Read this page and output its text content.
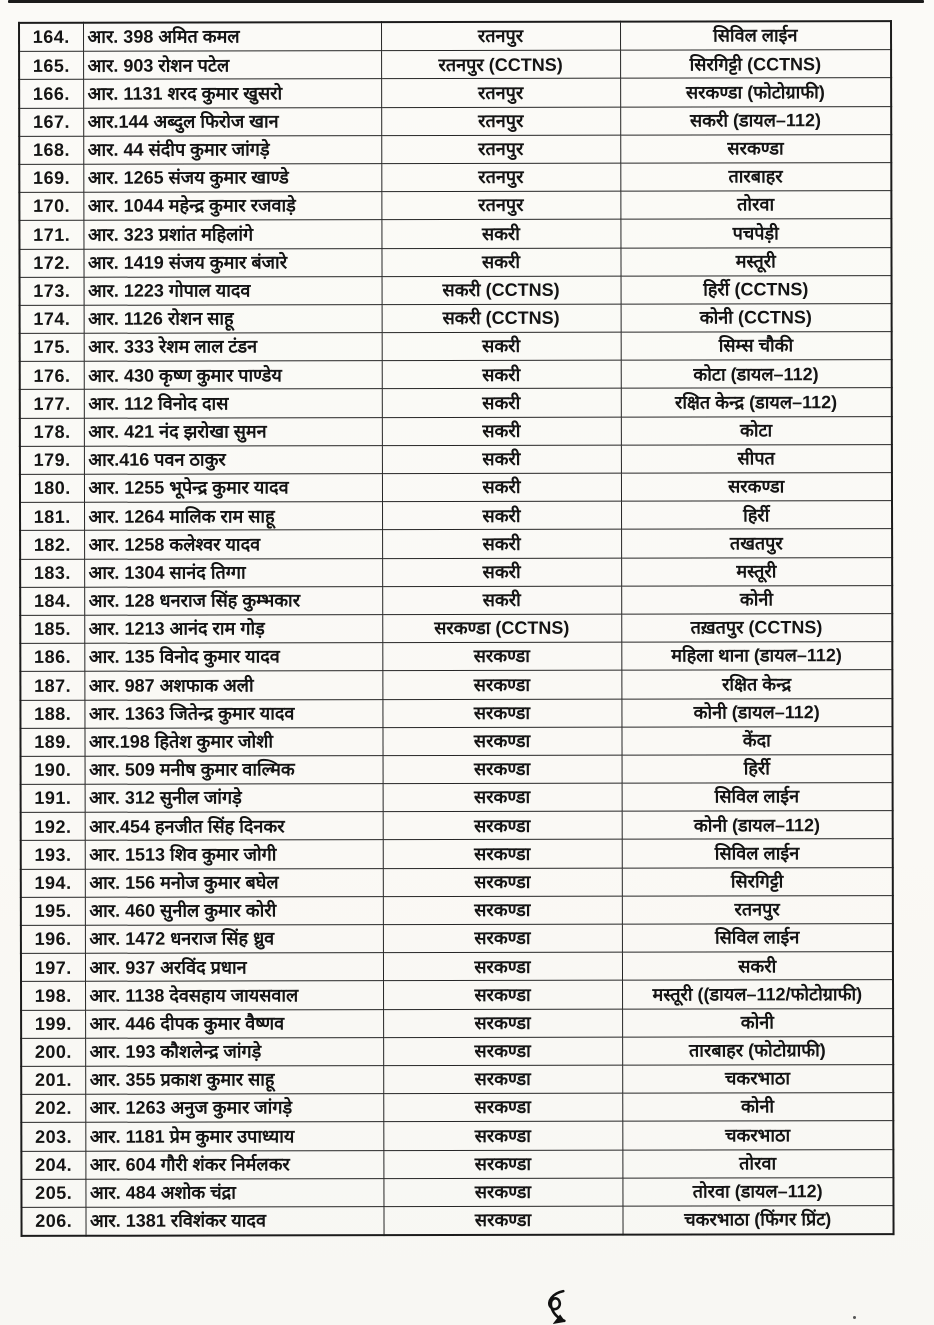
164.	आर. 398 अमित कमल	रतनपुर	सिविल लाईन
165.	आर. 903 रोशन पटेल	रतनपुर (CCTNS)	सिरगिट्टी (CCTNS)
166.	आर. 1131 शरद कुमार खुसरो	रतनपुर	सरकण्डा (फोटोग्राफी)
167.	आर.144 अब्दुल फिरोज खान	रतनपुर	सकरी (डायल–112)
168.	आर. 44 संदीप कुमार जांगड़े	रतनपुर	सरकण्डा
169.	आर. 1265 संजय कुमार खाण्डे	रतनपुर	तारबाहर
170.	आर. 1044 महेन्द्र कुमार रजवाड़े	रतनपुर	तोरवा
171.	आर. 323 प्रशांत महिलांगे	सकरी	पचपेड़ी
172.	आर. 1419 संजय कुमार बंजारे	सकरी	मस्तूरी
173.	आर. 1223 गोपाल यादव	सकरी (CCTNS)	हिर्री (CCTNS)
174.	आर. 1126 रोशन साहू	सकरी (CCTNS)	कोनी (CCTNS)
175.	आर. 333 रेशम लाल टंडन	सकरी	सिम्स चौकी
176.	आर. 430 कृष्ण कुमार पाण्डेय	सकरी	कोटा (डायल–112)
177.	आर. 112 विनोद दास	सकरी	रक्षित केन्द्र (डायल–112)
178.	आर. 421 नंद झरोखा सुमन	सकरी	कोटा
179.	आर.416 पवन ठाकुर	सकरी	सीपत
180.	आर. 1255 भूपेन्द्र कुमार यादव	सकरी	सरकण्डा
181.	आर. 1264 मालिक राम साहू	सकरी	हिर्री
182.	आर. 1258 कलेश्वर यादव	सकरी	तखतपुर
183.	आर. 1304 सानंद तिग्गा	सकरी	मस्तूरी
184.	आर. 128 धनराज सिंह कुम्भकार	सकरी	कोनी
185.	आर. 1213 आनंद राम गोड़	सरकण्डा (CCTNS)	तख़तपुर (CCTNS)
186.	आर. 135 विनोद कुमार यादव	सरकण्डा	महिला थाना (डायल–112)
187.	आर. 987 अशफाक अली	सरकण्डा	रक्षित केन्द्र
188.	आर. 1363 जितेन्द्र कुमार यादव	सरकण्डा	कोनी (डायल–112)
189.	आर.198 हितेश कुमार जोशी	सरकण्डा	केंदा
190.	आर. 509 मनीष कुमार वाल्मिक	सरकण्डा	हिर्री
191.	आर. 312 सुनील जांगड़े	सरकण्डा	सिविल लाईन
192.	आर.454 हनजीत सिंह दिनकर	सरकण्डा	कोनी (डायल–112)
193.	आर. 1513 शिव कुमार जोगी	सरकण्डा	सिविल लाईन
194.	आर. 156 मनोज कुमार बघेल	सरकण्डा	सिरगिट्टी
195.	आर. 460 सुनील कुमार कोरी	सरकण्डा	रतनपुर
196.	आर. 1472 धनराज सिंह ध्रुव	सरकण्डा	सिविल लाईन
197.	आर. 937 अरविंद प्रधान	सरकण्डा	सकरी
198.	आर. 1138 देवसहाय जायसवाल	सरकण्डा	मस्तूरी ((डायल–112/फोटोग्राफी)
199.	आर. 446 दीपक कुमार वैष्णव	सरकण्डा	कोनी
200.	आर. 193 कौशलेन्द्र जांगड़े	सरकण्डा	तारबाहर (फोटोग्राफी)
201.	आर. 355 प्रकाश कुमार साहू	सरकण्डा	चकरभाठा
202.	आर. 1263 अनुज कुमार जांगड़े	सरकण्डा	कोनी
203.	आर. 1181 प्रेम कुमार उपाध्याय	सरकण्डा	चकरभाठा
204.	आर. 604 गौरी शंकर निर्मलकर	सरकण्डा	तोरवा
205.	आर. 484 अशोक चंद्रा	सरकण्डा	तोरवा (डायल–112)
206.	आर. 1381 रविशंकर यादव	सरकण्डा	चकरभाठा (फिंगर प्रिंट)
